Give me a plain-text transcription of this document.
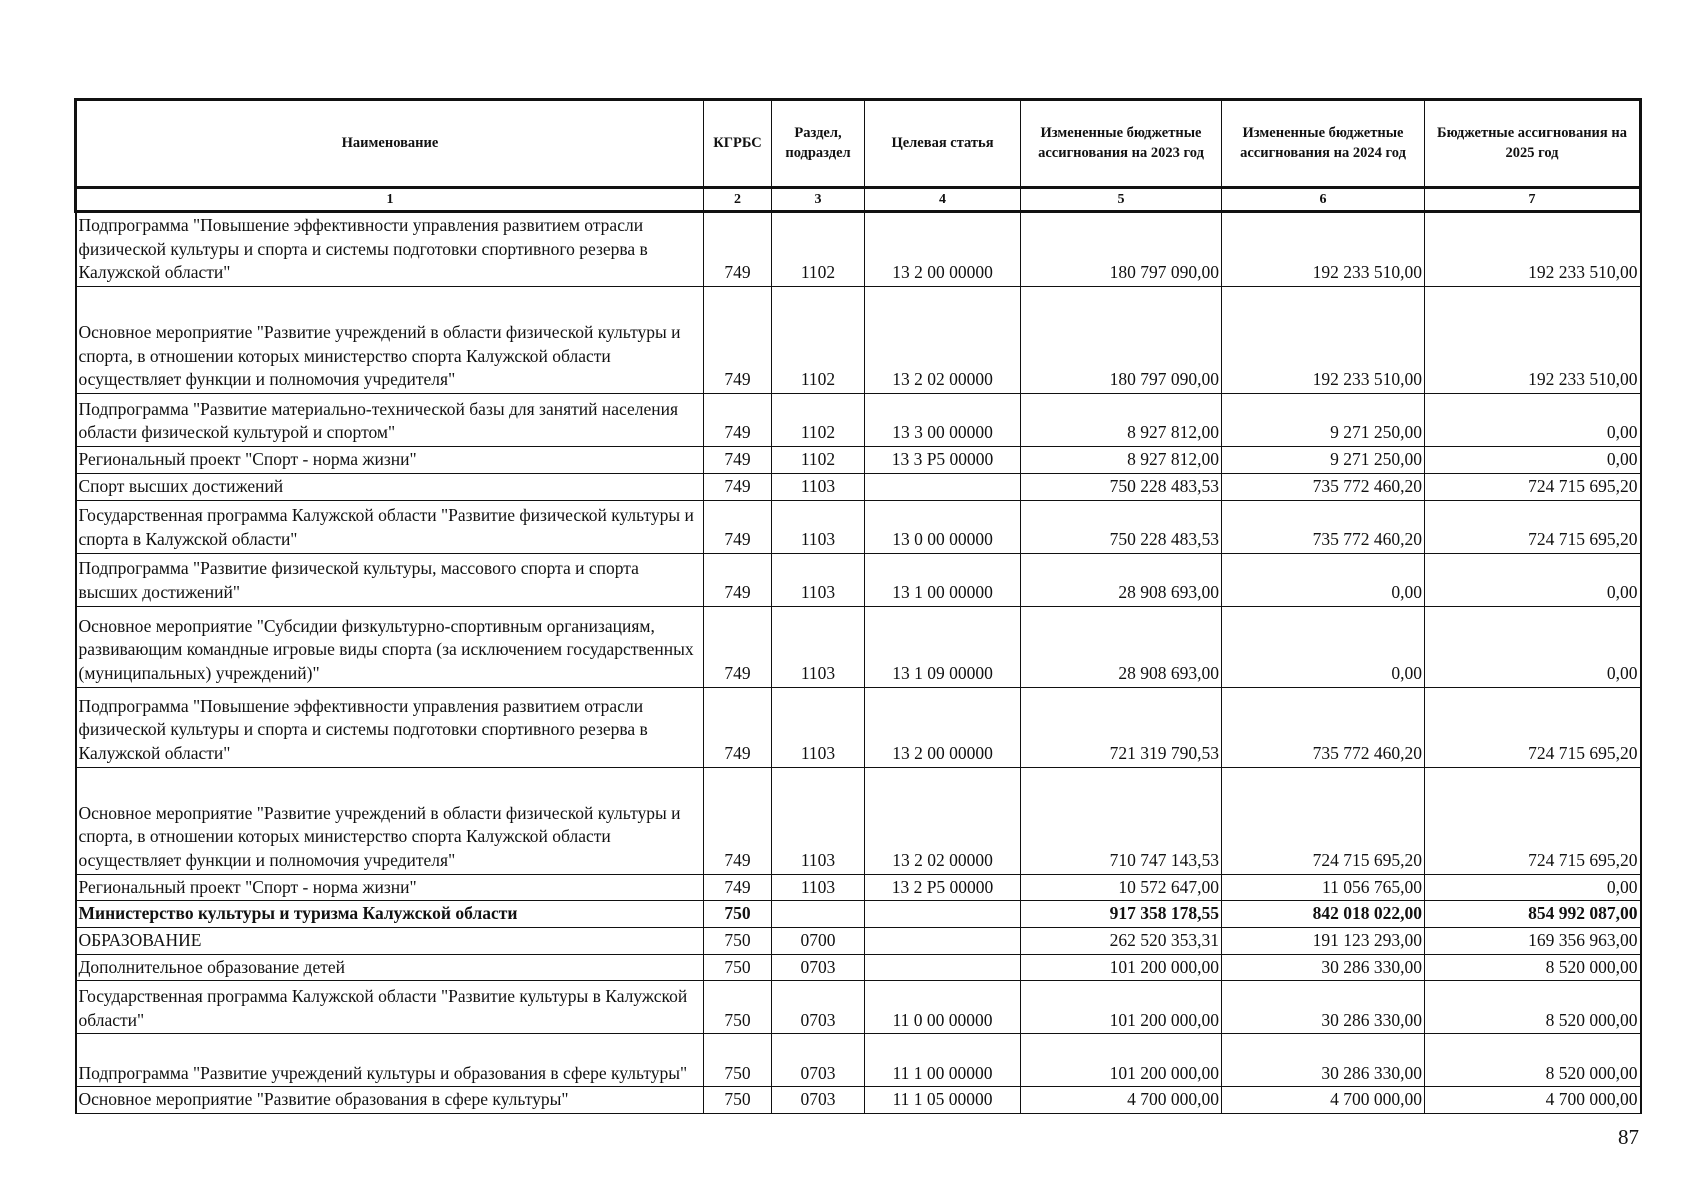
Наименование	КГРБС	Раздел, подраздел	Целевая статья	Измененные бюджетные ассигнования на 2023 год	Измененные бюджетные ассигнования на 2024 год	Бюджетные ассигнования на 2025 год
1	2	3	4	5	6	7
Подпрограмма "Повышение эффективности управления развитием отрасли физической культуры и спорта и системы подготовки спортивного резерва в Калужской области"	749	1102	13 2 00 00000	180 797 090,00	192 233 510,00	192 233 510,00
Основное мероприятие "Развитие учреждений в области физической культуры и спорта, в отношении которых министерство спорта Калужской области осуществляет функции и полномочия учредителя"	749	1102	13 2 02 00000	180 797 090,00	192 233 510,00	192 233 510,00
Подпрограмма "Развитие материально-технической базы для занятий населения области физической культурой и спортом"	749	1102	13 3 00 00000	8 927 812,00	9 271 250,00	0,00
Региональный проект "Спорт - норма жизни"	749	1102	13 3 P5 00000	8 927 812,00	9 271 250,00	0,00
Спорт высших достижений	749	1103		750 228 483,53	735 772 460,20	724 715 695,20
Государственная программа Калужской области "Развитие физической культуры и спорта в Калужской области"	749	1103	13 0 00 00000	750 228 483,53	735 772 460,20	724 715 695,20
Подпрограмма "Развитие физической культуры, массового спорта и спорта высших достижений"	749	1103	13 1 00 00000	28 908 693,00	0,00	0,00
Основное мероприятие "Субсидии физкультурно-спортивным организациям, развивающим командные игровые виды спорта (за исключением государственных (муниципальных) учреждений)"	749	1103	13 1 09 00000	28 908 693,00	0,00	0,00
Подпрограмма "Повышение эффективности управления развитием отрасли физической культуры и спорта и системы подготовки спортивного резерва в Калужской области"	749	1103	13 2 00 00000	721 319 790,53	735 772 460,20	724 715 695,20
Основное мероприятие "Развитие учреждений в области физической культуры и спорта, в отношении которых министерство спорта Калужской области осуществляет функции и полномочия учредителя"	749	1103	13 2 02 00000	710 747 143,53	724 715 695,20	724 715 695,20
Региональный проект "Спорт - норма жизни"	749	1103	13 2 P5 00000	10 572 647,00	11 056 765,00	0,00
Министерство культуры и туризма Калужской области	750			917 358 178,55	842 018 022,00	854 992 087,00
ОБРАЗОВАНИЕ	750	0700		262 520 353,31	191 123 293,00	169 356 963,00
Дополнительное образование детей	750	0703		101 200 000,00	30 286 330,00	8 520 000,00
Государственная программа Калужской области "Развитие культуры в Калужской области"	750	0703	11 0 00 00000	101 200 000,00	30 286 330,00	8 520 000,00
Подпрограмма "Развитие учреждений культуры и образования в сфере культуры"	750	0703	11 1 00 00000	101 200 000,00	30 286 330,00	8 520 000,00
Основное мероприятие "Развитие образования в сфере культуры"	750	0703	11 1 05 00000	4 700 000,00	4 700 000,00	4 700 000,00
87
